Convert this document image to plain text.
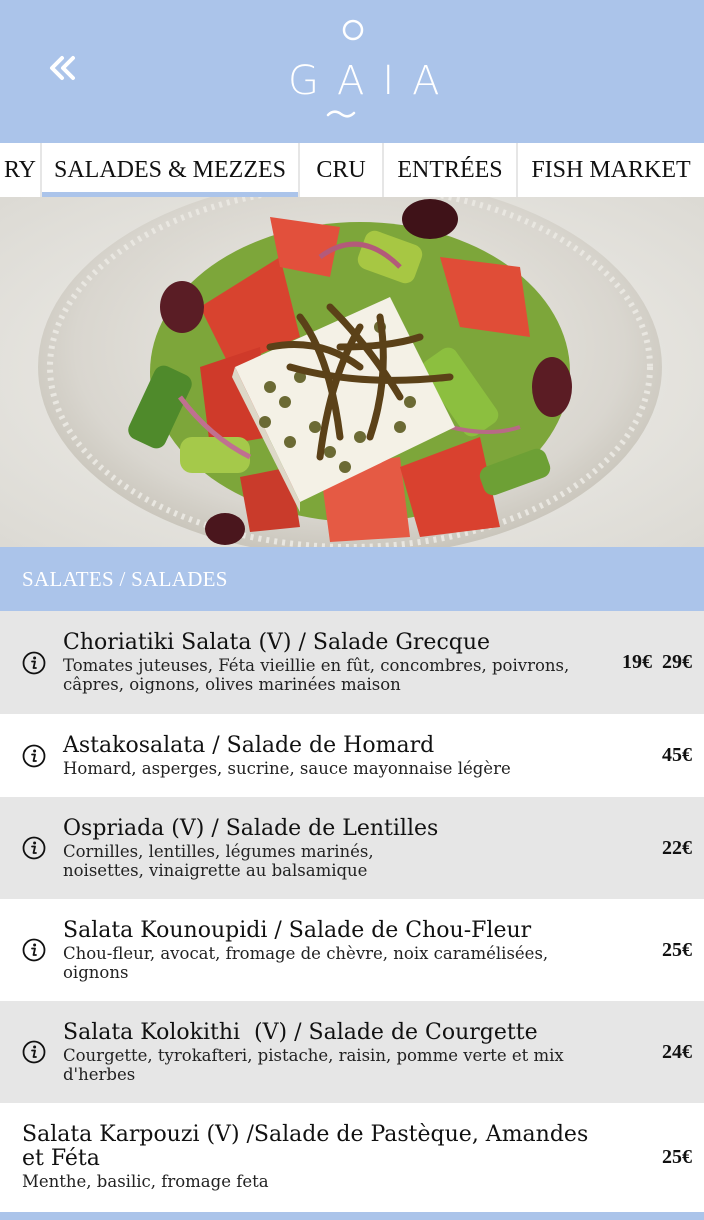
GAIA
RY SALADES & MEZZES CRU ENTRÉES FISH MARKET
SALATES / SALADES
Choriatiki Salata (V) / Salade Grecque
Tomates juteuses, Féta vieillie en fût, concombres, poivrons, câpres, oignons, olives marinées maison
19€  29€
Astakosalata / Salade de Homard
Homard, asperges, sucrine, sauce mayonnaise légère
45€
Ospriada (V) / Salade de Lentilles
Cornilles, lentilles, légumes marinés, noisettes, vinaigrette au balsamique
22€
Salata Kounoupidi / Salade de Chou-Fleur
Chou-fleur, avocat, fromage de chèvre, noix caramélisées, oignons
25€
Salata Kolokithi  (V) / Salade de Courgette
Courgette, tyrokafteri, pistache, raisin, pomme verte et mix d'herbes
24€
Salata Karpouzi (V) /Salade de Pastèque, Amandes et Féta
Menthe, basilic, fromage feta
25€
